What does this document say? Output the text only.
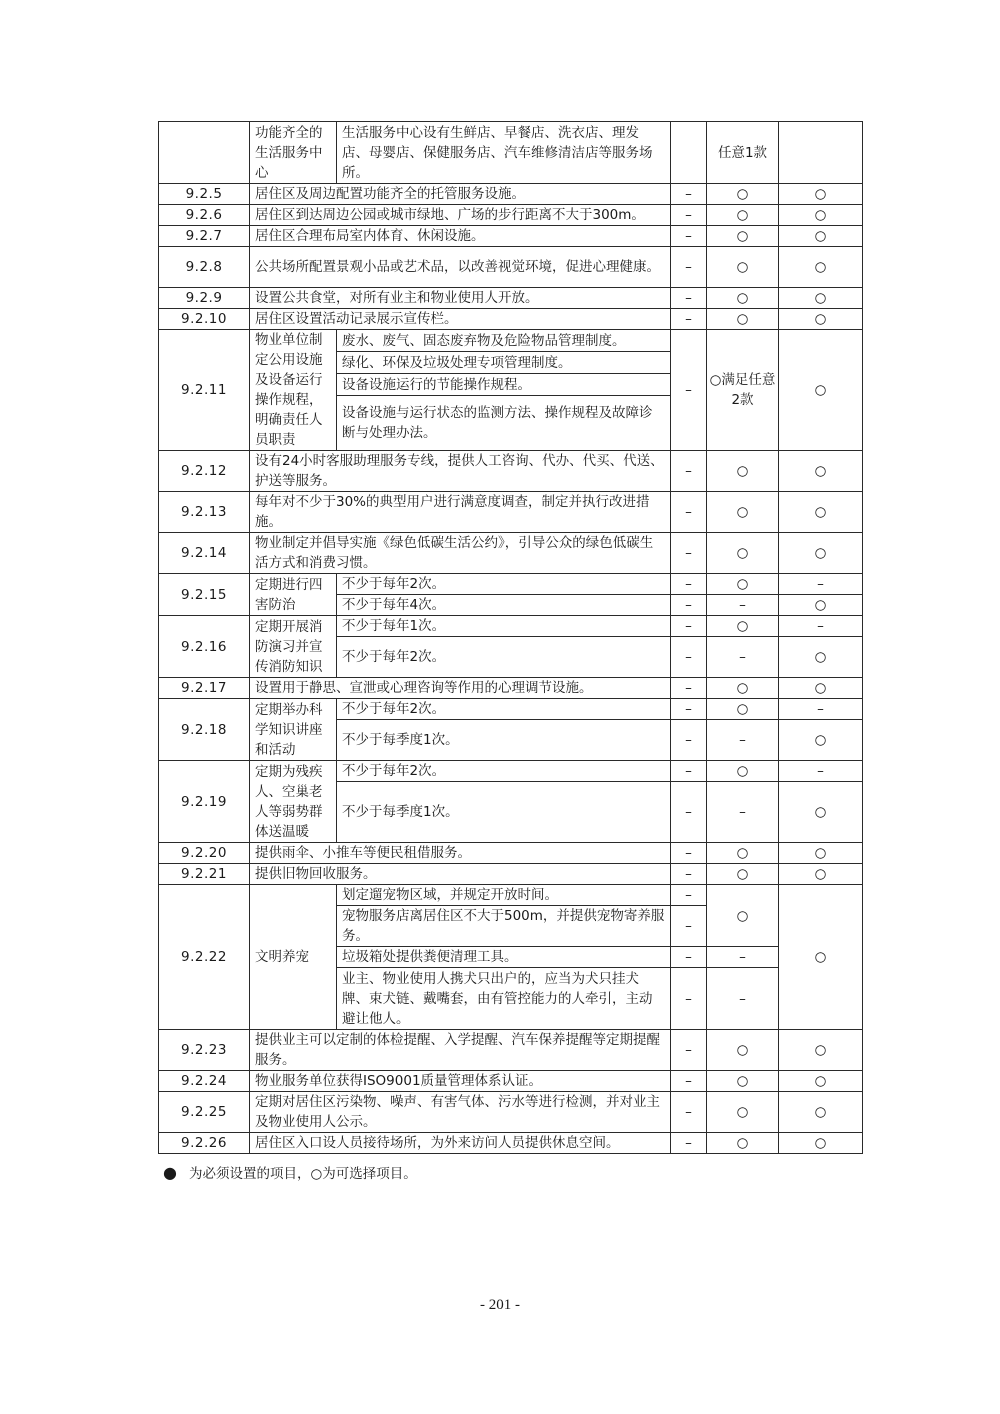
	功能齐全的生活服务中心	生活服务中心设有生鲜店、早餐店、洗衣店、理发店、母婴店、保健服务店、汽车维修清洁店等服务场所。		任意1款	
9.2.5	居住区及周边配置功能齐全的托管服务设施。		–	○	○
9.2.6	居住区到达周边公园或城市绿地、广场的步行距离不大于300m。		–	○	○
9.2.7	居住区合理布局室内体育、休闲设施。		–	○	○
9.2.8	公共场所配置景观小品或艺术品，以改善视觉环境，促进心理健康。		–	○	○
9.2.9	设置公共食堂，对所有业主和物业使用人开放。		–	○	○
9.2.10	居住区设置活动记录展示宣传栏。		–	○	○
9.2.11	物业单位制定公用设施及设备运行操作规程，明确责任人员职责	废水、废气、固态废弃物及危险物品管理制度。	–	○满足任意2款	○
		绿化、环保及垃圾处理专项管理制度。			
		设备设施运行的节能操作规程。			
		设备设施与运行状态的监测方法、操作规程及故障诊断与处理办法。			
9.2.12	设有24小时客服助理服务专线，提供人工咨询、代办、代买、代送、护送等服务。		–	○	○
9.2.13	每年对不少于30%的典型用户进行满意度调查，制定并执行改进措施。		–	○	○
9.2.14	物业制定并倡导实施《绿色低碳生活公约》，引导公众的绿色低碳生活方式和消费习惯。		–	○	○
9.2.15	定期进行四害防治	不少于每年2次。	–	○	–
		不少于每年4次。	–	–	○
9.2.16	定期开展消防演习并宣传消防知识	不少于每年1次。	–	○	–
		不少于每年2次。	–	–	○
9.2.17	设置用于静思、宣泄或心理咨询等作用的心理调节设施。		–	○	○
9.2.18	定期举办科学知识讲座和活动	不少于每年2次。	–	○	–
		不少于每季度1次。	–	–	○
9.2.19	定期为残疾人、空巢老人等弱势群体送温暖	不少于每年2次。	–	○	–
		不少于每季度1次。	–	–	○
9.2.20	提供雨伞、小推车等便民租借服务。		–	○	○
9.2.21	提供旧物回收服务。		–	○	○
9.2.22	文明养宠	划定遛宠物区域，并规定开放时间。	–	○	○
		宠物服务店离居住区不大于500m，并提供宠物寄养服务。	–		
		垃圾箱处提供粪便清理工具。	–	–	
		业主、物业使用人携犬只出户的，应当为犬只挂犬牌、束犬链、戴嘴套，由有管控能力的人牵引，主动避让他人。	–	–	
9.2.23	提供业主可以定制的体检提醒、入学提醒、汽车保养提醒等定期提醒服务。		–	○	○
9.2.24	物业服务单位获得ISO9001质量管理体系认证。		–	○	○
9.2.25	定期对居住区污染物、噪声、有害气体、污水等进行检测，并对业主及物业使用人公示。		–	○	○
9.2.26	居住区入口设人员接待场所，为外来访问人员提供休息空间。		–	○	○
● 为必须设置的项目，○为可选择项目。
- 201 -
